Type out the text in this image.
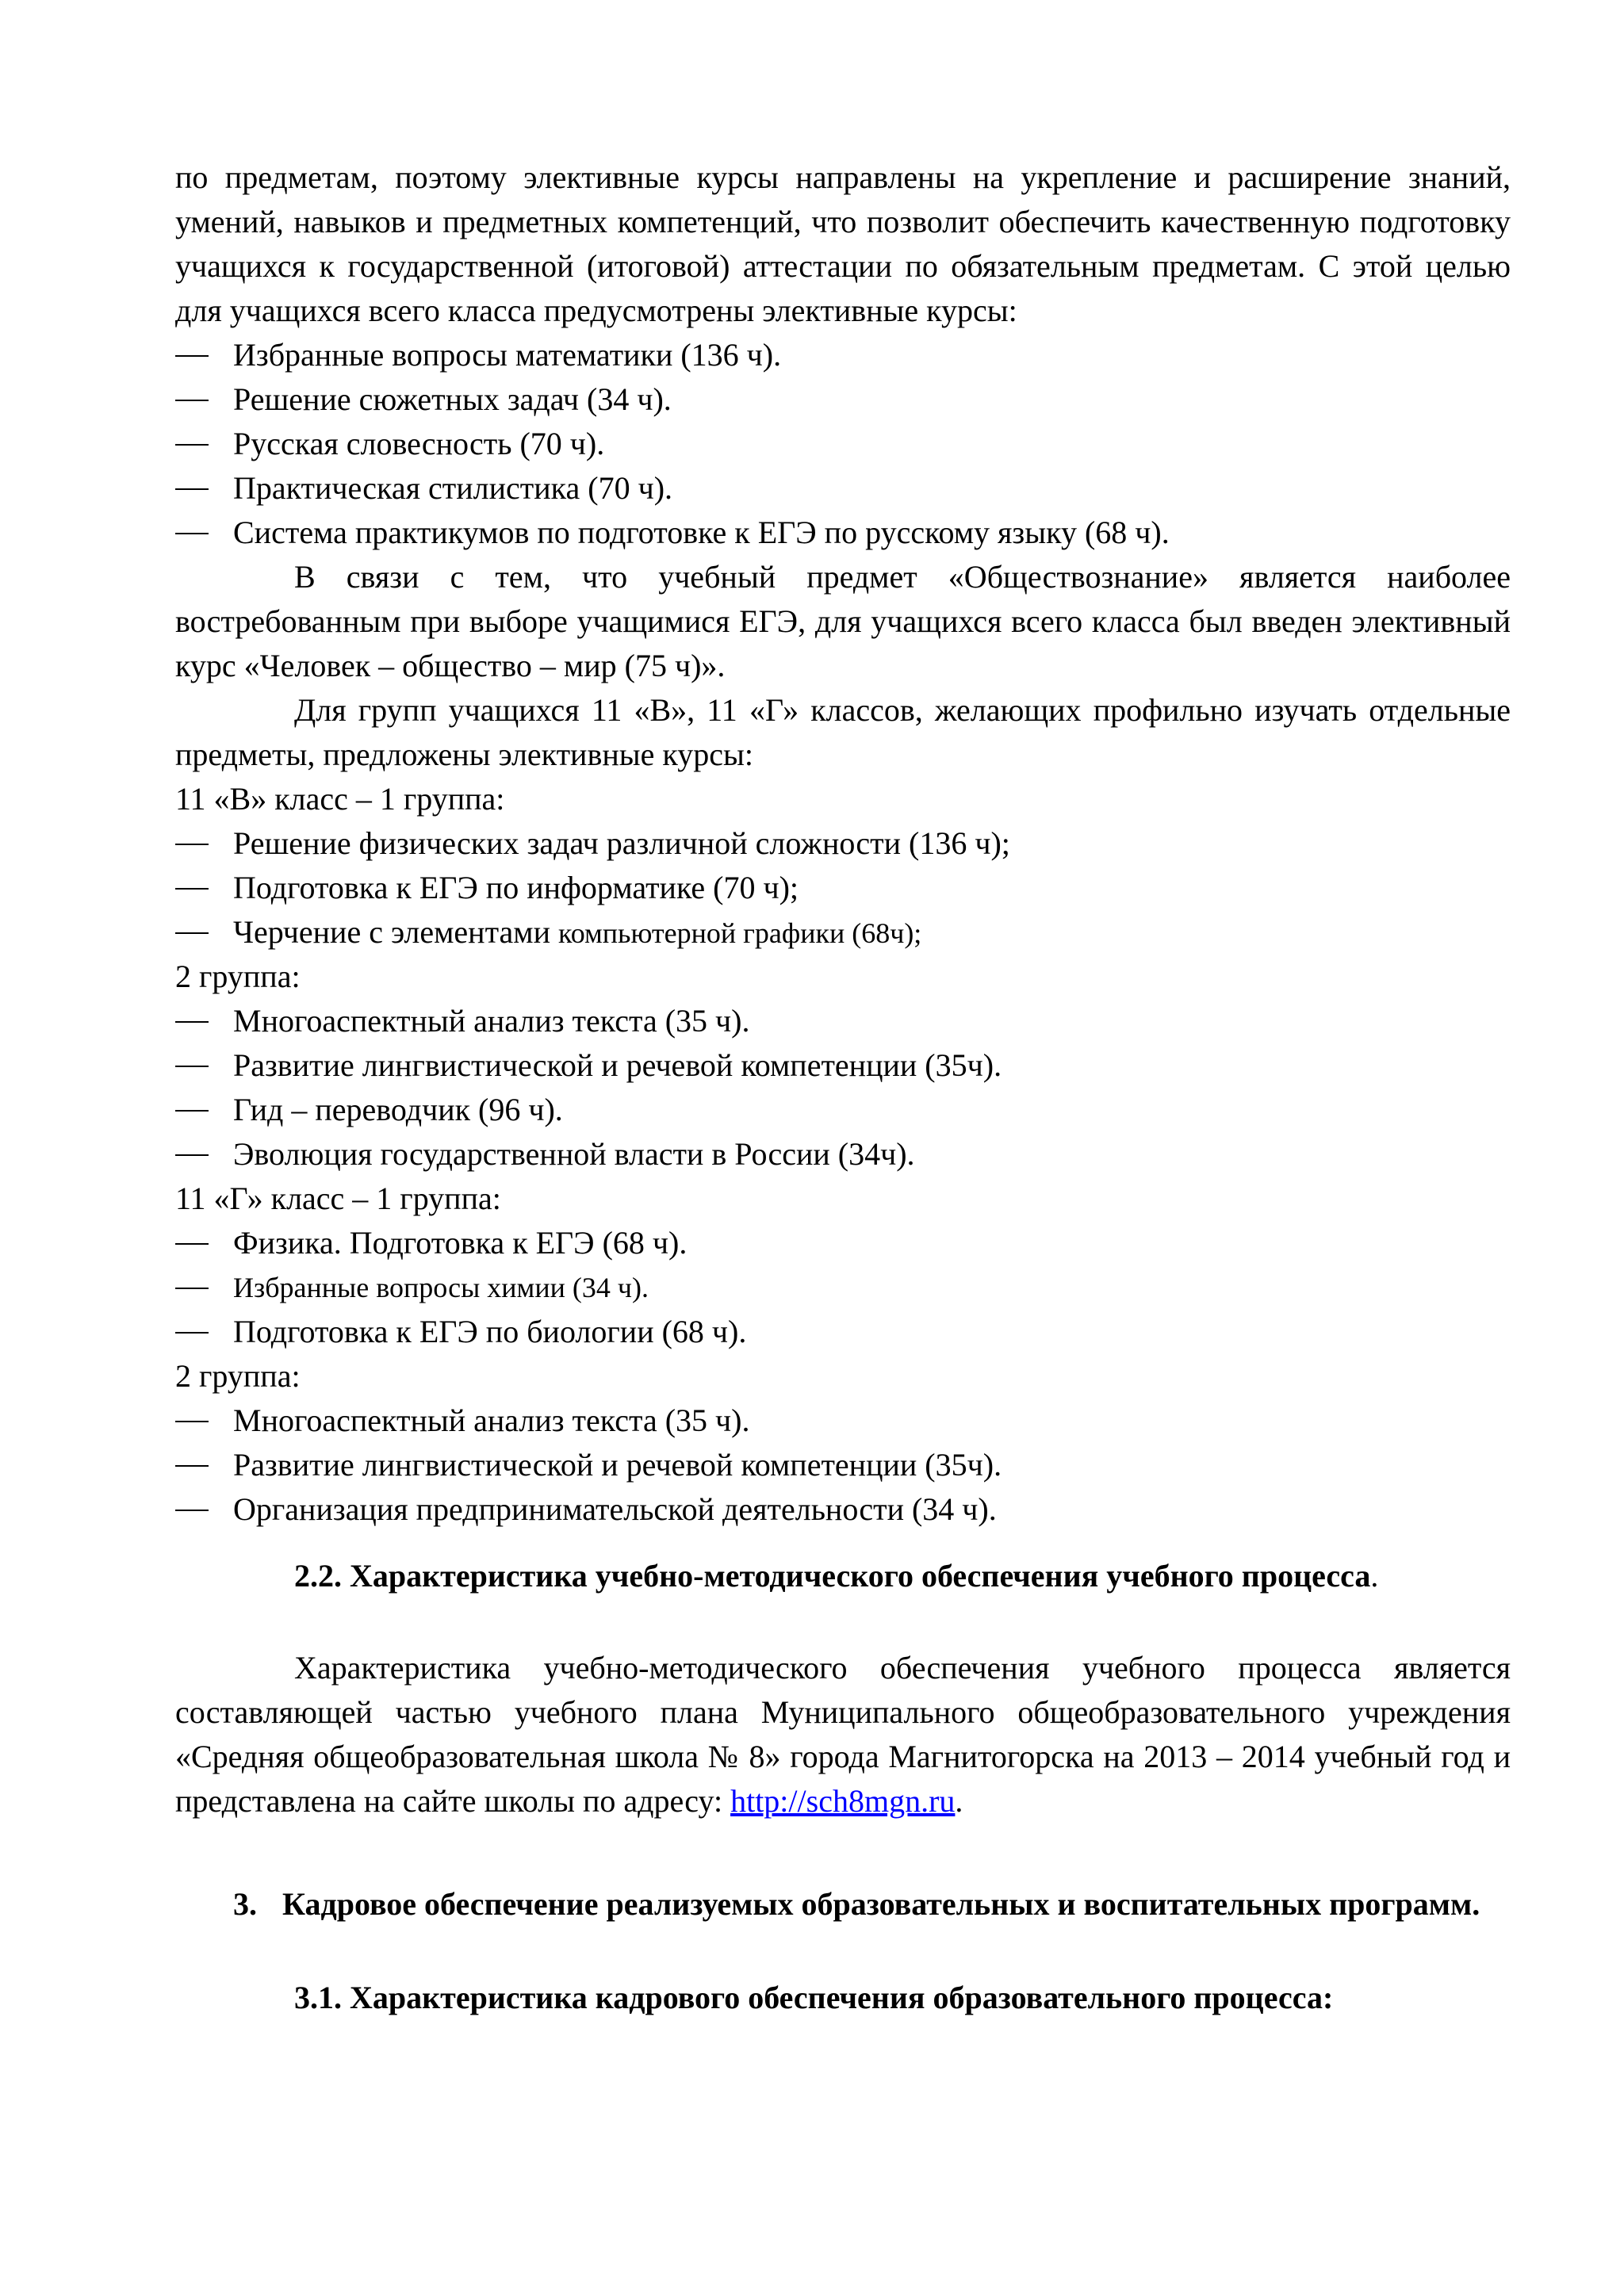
по предметам, поэтому элективные курсы направлены на укрепление и расширение знаний, умений, навыков и предметных компетенций, что позволит обеспечить качественную подготовку учащихся к государственной (итоговой) аттестации по обязательным предметам. С этой целью для учащихся всего класса предусмотрены элективные курсы:

Избранные вопросы математики (136 ч).
Решение сюжетных задач (34 ч).
Русская словесность (70 ч).
Практическая стилистика (70 ч).
Система практикумов по подготовке к ЕГЭ по русскому языку (68 ч).

В связи с тем, что учебный предмет «Обществознание» является наиболее востребованным при выборе учащимися ЕГЭ, для учащихся всего класса был введен элективный курс «Человек – общество – мир (75 ч)».

Для групп учащихся 11 «В», 11 «Г» классов, желающих профильно изучать отдельные предметы, предложены элективные курсы:

11 «В» класс – 1 группа:

Решение физических задач различной сложности (136 ч);
Подготовка к ЕГЭ по информатике (70 ч);
Черчение с элементами компьютерной графики (68ч);

2 группа:

Многоаспектный анализ текста (35 ч).
Развитие лингвистической и речевой компетенции (35ч).
Гид – переводчик (96 ч).
Эволюция государственной власти в России (34ч).

11 «Г» класс – 1 группа:

Физика. Подготовка к ЕГЭ (68 ч).
Избранные вопросы химии (34 ч).
Подготовка к ЕГЭ по биологии (68 ч).

2 группа:

Многоаспектный анализ текста (35 ч).
Развитие лингвистической и речевой компетенции (35ч).
Организация предпринимательской деятельности (34 ч).

2.2. Характеристика учебно-методического обеспечения учебного процесса.

Характеристика учебно-методического обеспечения учебного процесса является составляющей частью учебного плана Муниципального общеобразовательного учреждения «Средняя общеобразовательная школа № 8» города Магнитогорска на 2013 – 2014 учебный год и представлена на сайте школы по адресу: http://sch8mgn.ru.

3. Кадровое обеспечение реализуемых образовательных и воспитательных программ.

3.1. Характеристика кадрового обеспечения образовательного процесса:
